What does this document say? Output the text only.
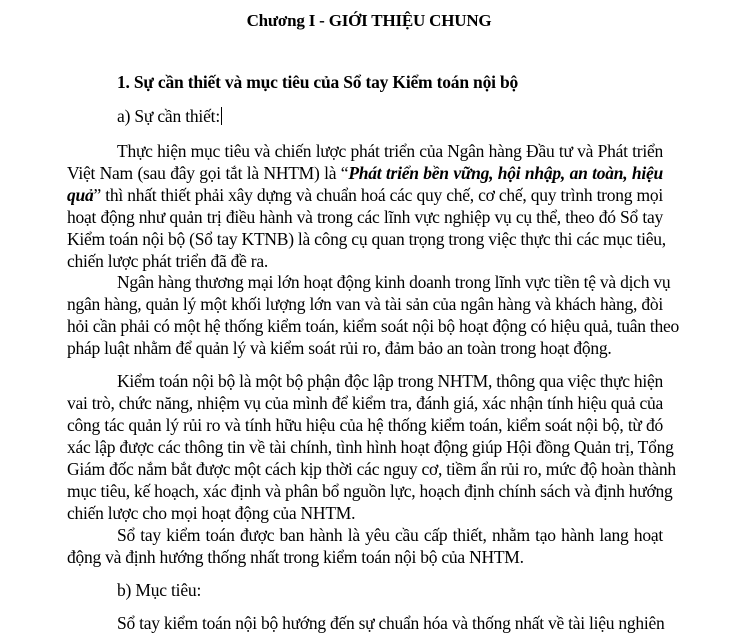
Chương I - GIỚI THIỆU CHUNG
1. Sự cần thiết và mục tiêu của Sổ tay Kiểm toán nội bộ
a) Sự cần thiết:
Thực hiện mục tiêu và chiến lược phát triển của Ngân hàng Đầu tư và Phát triển
Việt Nam (sau đây gọi tắt là NHTM) là “Phát triển bền vững, hội nhập, an toàn, hiệu
quả” thì nhất thiết phải xây dựng và chuẩn hoá các quy chế, cơ chế, quy trình trong mọi
hoạt động như quản trị điều hành và trong các lĩnh vực nghiệp vụ cụ thể, theo đó Sổ tay
Kiểm toán nội bộ (Sổ tay KTNB) là công cụ quan trọng trong việc thực thi các mục tiêu,
chiến lược phát triển đã đề ra.
Ngân hàng thương mại lớn hoạt động kinh doanh trong lĩnh vực tiền tệ và dịch vụ
ngân hàng, quản lý một khối lượng lớn van và tài sản của ngân hàng và khách hàng, đòi
hỏi cần phải có một hệ thống kiểm toán, kiểm soát nội bộ hoạt động có hiệu quả, tuân theo
pháp luật nhằm để quản lý và kiểm soát rủi ro, đảm bảo an toàn trong hoạt động.
Kiểm toán nội bộ là một bộ phận độc lập trong NHTM, thông qua việc thực hiện
vai trò, chức năng, nhiệm vụ của mình để kiểm tra, đánh giá, xác nhận tính hiệu quả của
công tác quản lý rủi ro và tính hữu hiệu của hệ thống kiểm toán, kiểm soát nội bộ, từ đó
xác lập được các thông tin về tài chính, tình hình hoạt động giúp Hội đồng Quản trị, Tổng
Giám đốc nắm bắt được một cách kịp thời các nguy cơ, tiềm ẩn rủi ro, mức độ hoàn thành
mục tiêu, kế hoạch, xác định và phân bổ nguồn lực, hoạch định chính sách và định hướng
chiến lược cho mọi hoạt động của NHTM.
Sổ tay kiểm toán được ban hành là yêu cầu cấp thiết, nhằm tạo hành lang hoạt
động và định hướng thống nhất trong kiểm toán nội bộ của NHTM.
b) Mục tiêu:
Sổ tay kiểm toán nội bộ hướng đến sự chuẩn hóa và thống nhất về tài liệu nghiên
